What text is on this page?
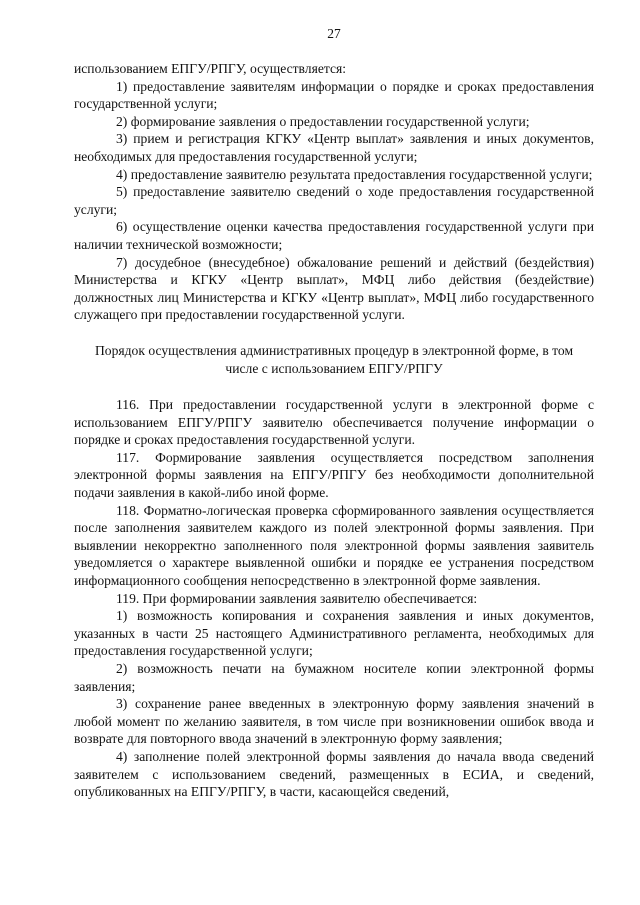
27

использованием ЕПГУ/РПГУ, осуществляется:

1) предоставление заявителям информации о порядке и сроках предоставления государственной услуги;

2) формирование заявления о предоставлении государственной услуги;

3) прием и регистрация КГКУ «Центр выплат» заявления и иных документов, необходимых для предоставления государственной услуги;

4) предоставление заявителю результата предоставления государственной услуги;

5) предоставление заявителю сведений о ходе предоставления государственной услуги;

6) осуществление оценки качества предоставления государственной услуги при наличии технической возможности;

7) досудебное (внесудебное) обжалование решений и действий (бездействия) Министерства и КГКУ «Центр выплат», МФЦ либо действия (бездействие) должностных лиц Министерства и КГКУ «Центр выплат», МФЦ либо государственного служащего при предоставлении государственной услуги.

Порядок осуществления административных процедур в электронной форме, в том числе с использованием ЕПГУ/РПГУ

116. При предоставлении государственной услуги в электронной форме с использованием ЕПГУ/РПГУ заявителю обеспечивается получение информации о порядке и сроках предоставления государственной услуги.

117. Формирование заявления осуществляется посредством заполнения электронной формы заявления на ЕПГУ/РПГУ без необходимости дополнительной подачи заявления в какой-либо иной форме.

118. Форматно-логическая проверка сформированного заявления осуществляется после заполнения заявителем каждого из полей электронной формы заявления. При выявлении некорректно заполненного поля электронной формы заявления заявитель уведомляется о характере выявленной ошибки и порядке ее устранения посредством информационного сообщения непосредственно в электронной форме заявления.

119. При формировании заявления заявителю обеспечивается:

1) возможность копирования и сохранения заявления и иных документов, указанных в части 25 настоящего Административного регламента, необходимых для предоставления государственной услуги;

2) возможность печати на бумажном носителе копии электронной формы заявления;

3) сохранение ранее введенных в электронную форму заявления значений в любой момент по желанию заявителя, в том числе при возникновении ошибок ввода и возврате для повторного ввода значений в электронную форму заявления;

4) заполнение полей электронной формы заявления до начала ввода сведений заявителем с использованием сведений, размещенных в ЕСИА, и сведений, опубликованных на ЕПГУ/РПГУ, в части, касающейся сведений,
